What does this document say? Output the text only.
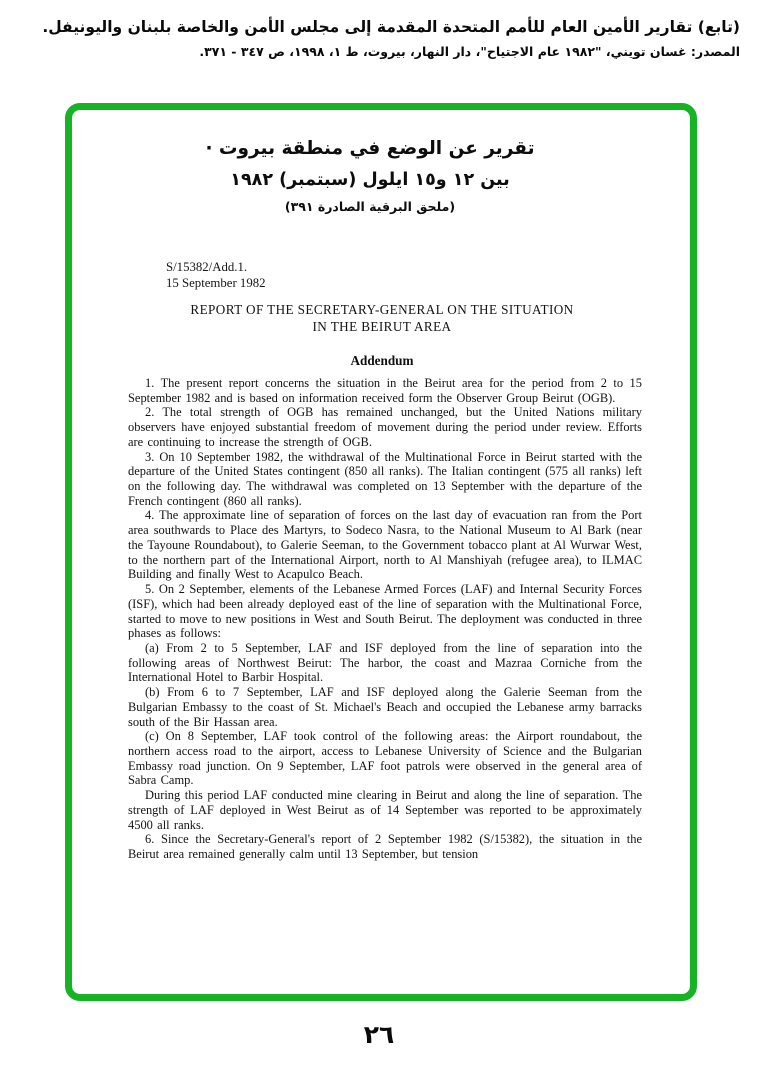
(تابع) تقارير الأمين العام للأمم المتحدة المقدمة إلى مجلس الأمن والخاصة بلبنان واليونيفل.
المصدر: غسان تويني، "١٩٨٢ عام الاجتياح"، دار النهار، بيروت، ط ١، ١٩٩٨، ص ٣٤٧ - ٣٧١.
تقرير عن الوضع في منطقة بيروت ·
بين ١٢ و١٥ ايلول (سبتمبر) ١٩٨٢
(ملحق البرقية الصادرة ٣٩١)
S/15382/Add.1.
15 September 1982
REPORT OF THE SECRETARY-GENERAL ON THE SITUATION
IN THE BEIRUT AREA
Addendum

1. The present report concerns the situation in the Beirut area for the period from 2 to 15 September 1982 and is based on information received form the Observer Group Beirut (OGB).

2. The total strength of OGB has remained unchanged, but the United Nations military observers have enjoyed substantial freedom of movement during the period under review. Efforts are continuing to increase the strength of OGB.

3. On 10 September 1982, the withdrawal of the Multinational Force in Beirut started with the departure of the United States contingent (850 all ranks). The Italian contingent (575 all ranks) left on the following day. The withdrawal was completed on 13 September with the departure of the French contingent (860 all ranks).

4. The approximate line of separation of forces on the last day of evacuation ran from the Port area southwards to Place des Martyrs, to Sodeco Nasra, to the National Museum to Al Bark (near the Tayoune Roundabout), to Galerie Seeman, to the Government tobacco plant at Al Wurwar West, to the northern part of the International Airport, north to Al Manshiyah (refugee area), to ILMAC Building and finally West to Acapulco Beach.

5. On 2 September, elements of the Lebanese Armed Forces (LAF) and Internal Security Forces (ISF), which had been already deployed east of the line of separation with the Multinational Force, started to move to new positions in West and South Beirut. The deployment was conducted in three phases as follows:

(a) From 2 to 5 September, LAF and ISF deployed from the line of separation into the following areas of Northwest Beirut: The harbor, the coast and Mazraa Corniche from the International Hotel to Barbir Hospital.

(b) From 6 to 7 September, LAF and ISF deployed along the Galerie Seeman from the Bulgarian Embassy to the coast of St. Michael's Beach and occupied the Lebanese army barracks south of the Bir Hassan area.

(c) On 8 September, LAF took control of the following areas: the Airport roundabout, the northern access road to the airport, access to Lebanese University of Science and the Bulgarian Embassy road junction. On 9 September, LAF foot patrols were observed in the general area of Sabra Camp.

During this period LAF conducted mine clearing in Beirut and along the line of separation. The strength of LAF deployed in West Beirut as of 14 September was reported to be approximately 4500 all ranks.

6. Since the Secretary-General's report of 2 September 1982 (S/15382), the situation in the Beirut area remained generally calm until 13 September, but tension

٢٦
